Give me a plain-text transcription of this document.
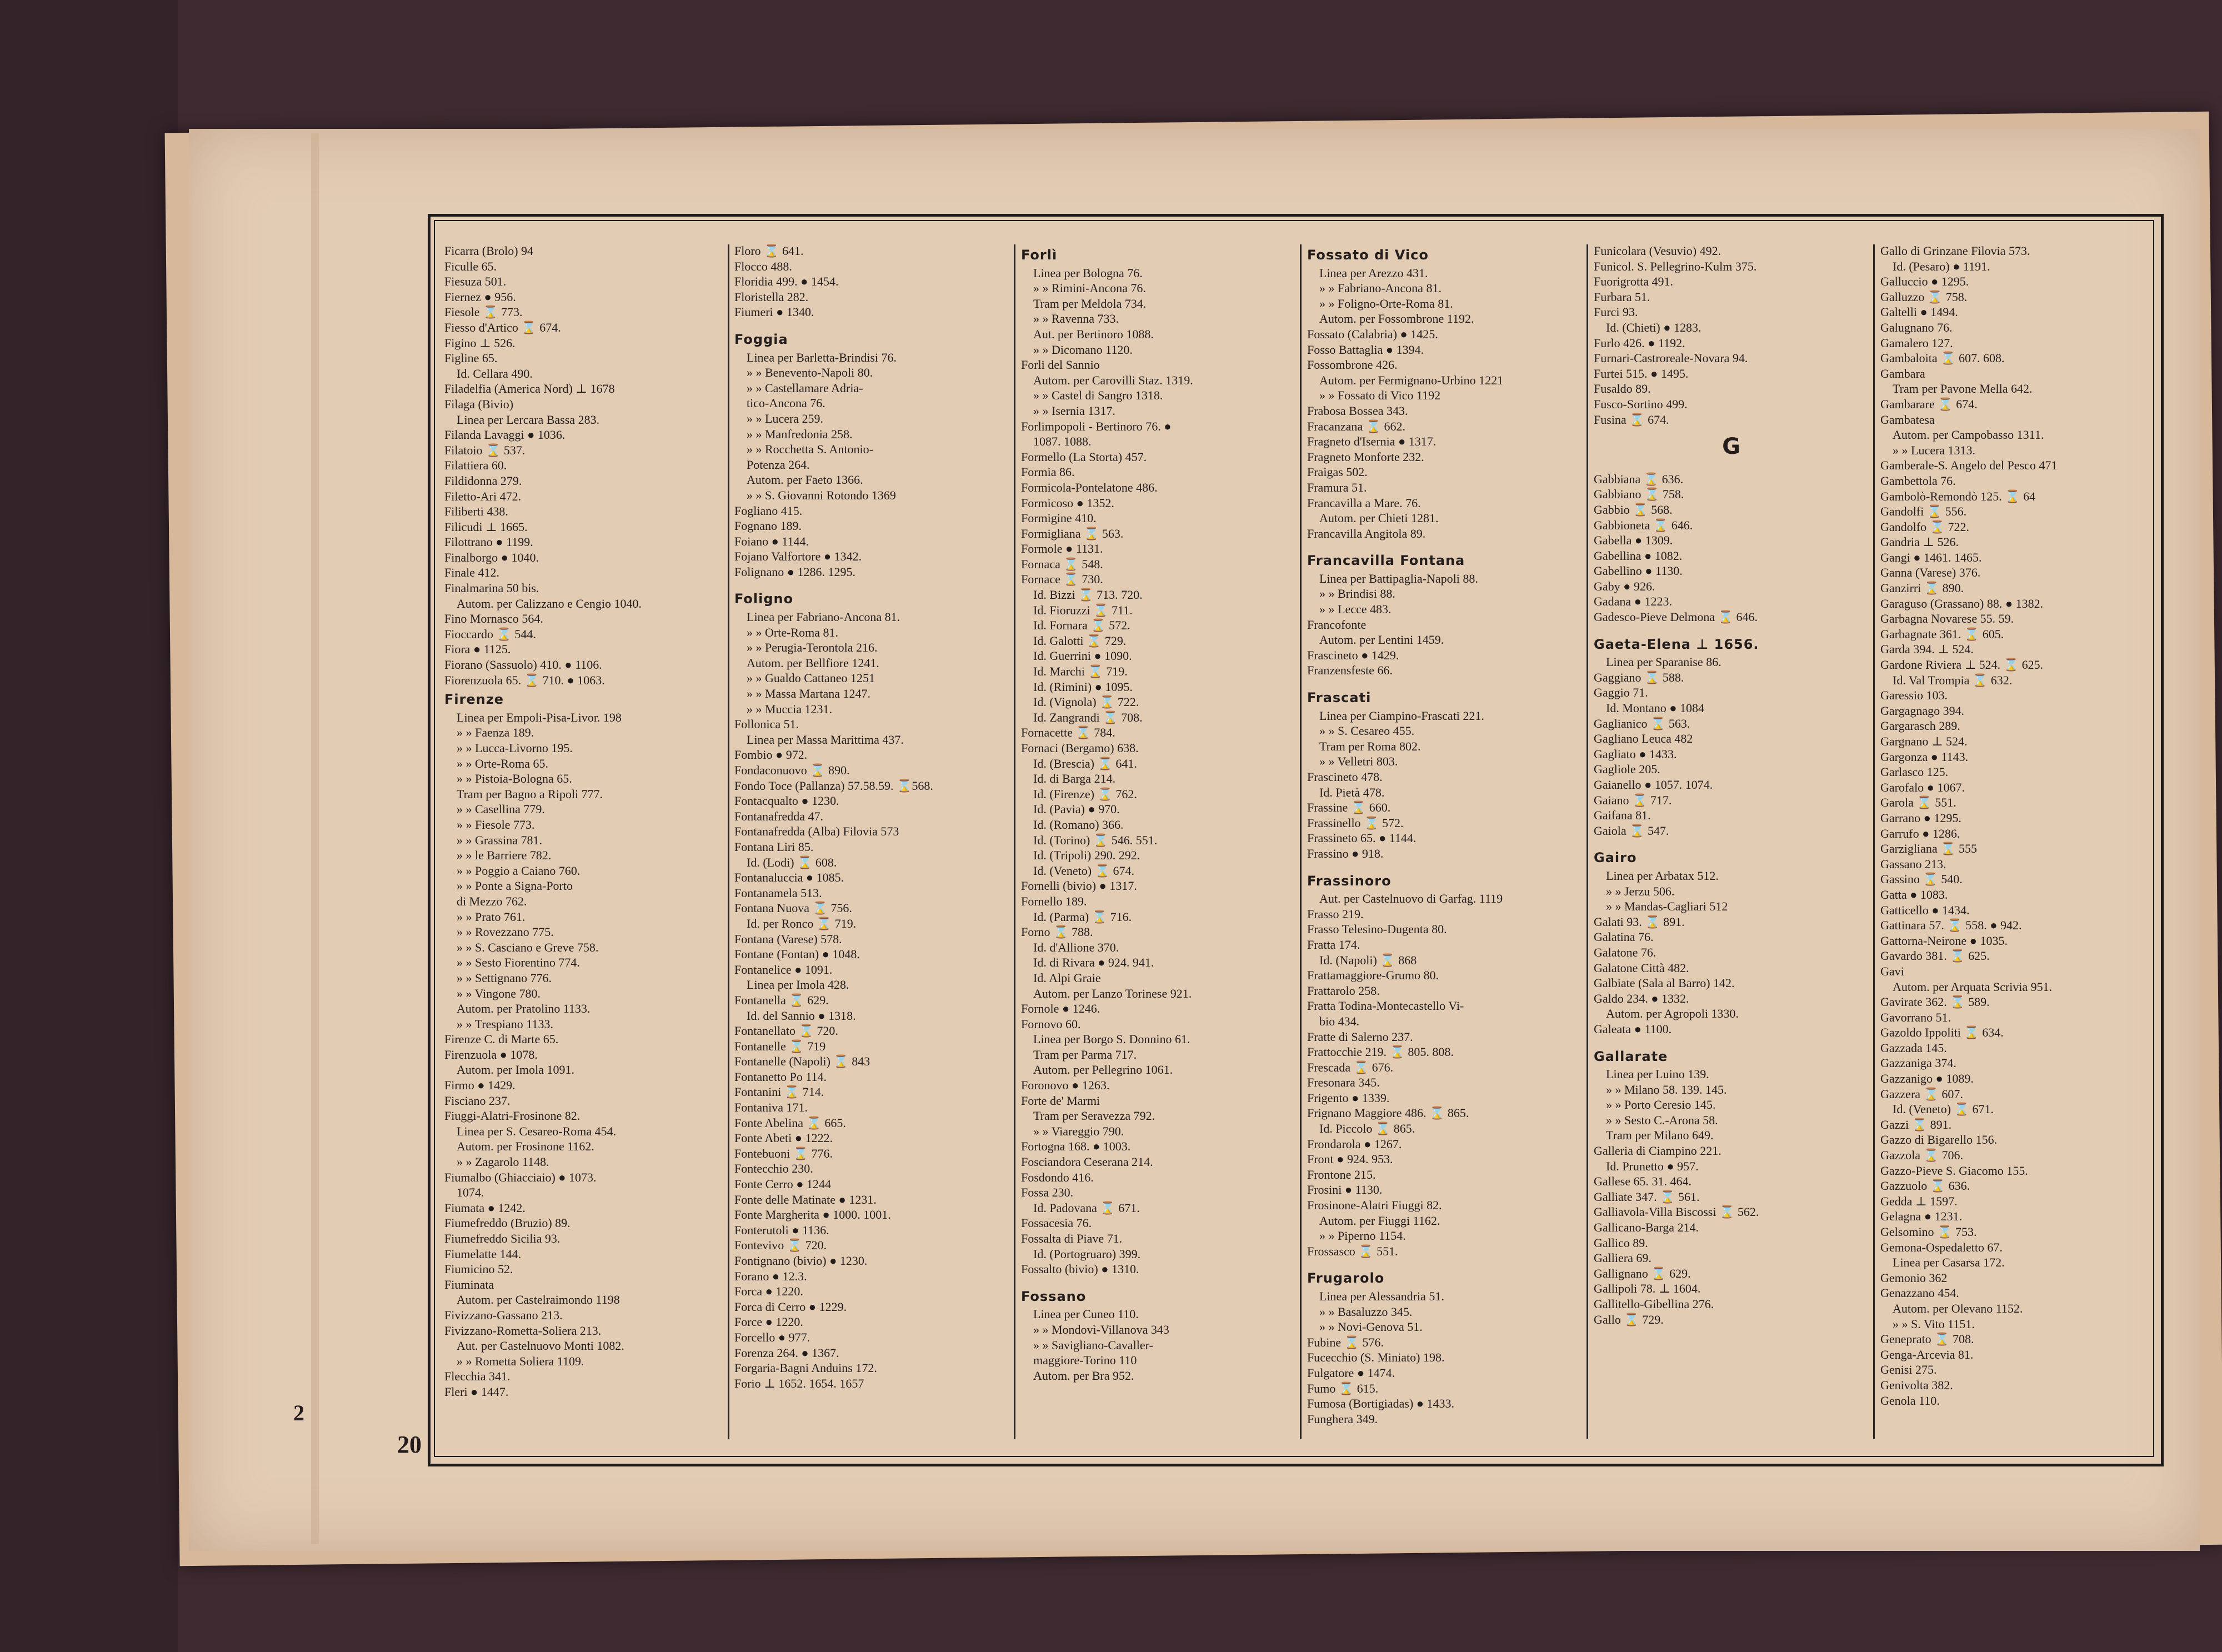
Ficarra (Brolo) 94
Ficulle 65.
Fiesuza 501.
Fiernez ● 956.
Fiesole ⌛ 773.
Fiesso d'Artico ⌛ 674.
Figino ⊥ 526.
Figline 65.
Id. Cellara 490.
Filadelfia (America Nord) ⊥ 1678
Filaga (Bivio)
Linea per Lercara Bassa 283.
Filanda Lavaggi ● 1036.
Filatoio ⌛ 537.
Filattiera 60.
Fildidonna 279.
Filetto-Ari 472.
Filiberti 438.
Filicudi ⊥ 1665.
Filottrano ● 1199.
Finalborgo ● 1040.
Finale 412.
Finalmarina 50 bis.
Autom. per Calizzano e Cengio 1040.
Fino Mornasco 564.
Fioccardo ⌛ 544.
Fiora ● 1125.
Fiorano (Sassuolo) 410. ● 1106.
Fiorenzuola 65. ⌛ 710. ● 1063.
Firenze
Linea per Empoli-Pisa-Livor. 198
» » Faenza 189.
» » Lucca-Livorno 195.
» » Orte-Roma 65.
» » Pistoia-Bologna 65.
Tram per Bagno a Ripoli 777.
» » Casellina 779.
» » Fiesole 773.
» » Grassina 781.
» » le Barriere 782.
» » Poggio a Caiano 760.
» » Ponte a Signa-Porto
di Mezzo 762.
» » Prato 761.
» » Rovezzano 775.
» » S. Casciano e Greve 758.
» » Sesto Fiorentino 774.
» » Settignano 776.
» » Vingone 780.
Autom. per Pratolino 1133.
» » Trespiano 1133.
Firenze C. di Marte 65.
Firenzuola ● 1078.
Autom. per Imola 1091.
Firmo ● 1429.
Fisciano 237.
Fiuggi-Alatri-Frosinone 82.
Linea per S. Cesareo-Roma 454.
Autom. per Frosinone 1162.
» » Zagarolo 1148.
Fiumalbo (Ghiacciaio) ● 1073.
1074.
Fiumata ● 1242.
Fiumefreddo (Bruzio) 89.
Fiumefreddo Sicilia 93.
Fiumelatte 144.
Fiumicino 52.
Fiuminata
Autom. per Castelraimondo 1198
Fivizzano-Gassano 213.
Fivizzano-Rometta-Soliera 213.
Aut. per Castelnuovo Monti 1082.
» » Rometta Soliera 1109.
Flecchia 341.
Fleri ● 1447.
Floro ⌛ 641.
Flocco 488.
Floridia 499. ● 1454.
Floristella 282.
Fiumeri ● 1340.
Foggia
Linea per Barletta-Brindisi 76.
» » Benevento-Napoli 80.
» » Castellamare Adria-
tico-Ancona 76.
» » Lucera 259.
» » Manfredonia 258.
» » Rocchetta S. Antonio-
Potenza 264.
Autom. per Faeto 1366.
» » S. Giovanni Rotondo 1369
Fogliano 415.
Fognano 189.
Foiano ● 1144.
Fojano Valfortore ● 1342.
Folignano ● 1286. 1295.
Foligno
Linea per Fabriano-Ancona 81.
» » Orte-Roma 81.
» » Perugia-Terontola 216.
Autom. per Bellfiore 1241.
» » Gualdo Cattaneo 1251
» » Massa Martana 1247.
» » Muccia 1231.
Follonica 51.
Linea per Massa Marittima 437.
Fombio ● 972.
Fondaconuovo ⌛ 890.
Fondo Toce (Pallanza) 57.58.59. ⌛568.
Fontacqualto ● 1230.
Fontanafredda 47.
Fontanafredda (Alba) Filovia 573
Fontana Liri 85.
Id. (Lodi) ⌛ 608.
Fontanaluccia ● 1085.
Fontanamela 513.
Fontana Nuova ⌛ 756.
Id. per Ronco ⌛ 719.
Fontana (Varese) 578.
Fontane (Fontan) ● 1048.
Fontanelice ● 1091.
Linea per Imola 428.
Fontanella ⌛ 629.
Id. del Sannio ● 1318.
Fontanellato ⌛ 720.
Fontanelle ⌛ 719
Fontanelle (Napoli) ⌛ 843
Fontanetto Po 114.
Fontanini ⌛ 714.
Fontaniva 171.
Fonte Abelina ⌛ 665.
Fonte Abeti ● 1222.
Fontebuoni ⌛ 776.
Fontecchio 230.
Fonte Cerro ● 1244
Fonte delle Matinate ● 1231.
Fonte Margherita ● 1000. 1001.
Fonterutoli ● 1136.
Fontevivo ⌛ 720.
Fontignano (bivio) ● 1230.
Forano ● 12.3.
Forca ● 1220.
Forca di Cerro ● 1229.
Force ● 1220.
Forcello ● 977.
Forenza 264. ● 1367.
Forgaria-Bagni Anduins 172.
Forio ⊥ 1652. 1654. 1657
Forlì
Linea per Bologna 76.
» » Rimini-Ancona 76.
Tram per Meldola 734.
» » Ravenna 733.
Aut. per Bertinoro 1088.
» » Dicomano 1120.
Forli del Sannio
Autom. per Carovilli Staz. 1319.
» » Castel di Sangro 1318.
» » Isernia 1317.
Forlimpopoli - Bertinoro 76. ●
1087. 1088.
Formello (La Storta) 457.
Formia 86.
Formicola-Pontelatone 486.
Formicoso ● 1352.
Formigine 410.
Formigliana ⌛ 563.
Formole ● 1131.
Fornaca ⌛ 548.
Fornace ⌛ 730.
Id. Bizzi ⌛ 713. 720.
Id. Fioruzzi ⌛ 711.
Id. Fornara ⌛ 572.
Id. Galotti ⌛ 729.
Id. Guerrini ● 1090.
Id. Marchi ⌛ 719.
Id. (Rimini) ● 1095.
Id. (Vignola) ⌛ 722.
Id. Zangrandi ⌛ 708.
Fornacette ⌛ 784.
Fornaci (Bergamo) 638.
Id. (Brescia) ⌛ 641.
Id. di Barga 214.
Id. (Firenze) ⌛ 762.
Id. (Pavia) ● 970.
Id. (Romano) 366.
Id. (Torino) ⌛ 546. 551.
Id. (Tripoli) 290. 292.
Id. (Veneto) ⌛ 674.
Fornelli (bivio) ● 1317.
Fornello 189.
Id. (Parma) ⌛ 716.
Forno ⌛ 788.
Id. d'Allione 370.
Id. di Rivara ● 924. 941.
Id. Alpi Graie
Autom. per Lanzo Torinese 921.
Fornole ● 1246.
Fornovo 60.
Linea per Borgo S. Donnino 61.
Tram per Parma 717.
Autom. per Pellegrino 1061.
Foronovo ● 1263.
Forte de' Marmi
Tram per Seravezza 792.
» » Viareggio 790.
Fortogna 168. ● 1003.
Fosciandora Ceserana 214.
Fosdondo 416.
Fossa 230.
Id. Padovana ⌛ 671.
Fossacesia 76.
Fossalta di Piave 71.
Id. (Portogruaro) 399.
Fossalto (bivio) ● 1310.
Fossano
Linea per Cuneo 110.
» » Mondovì-Villanova 343
» » Savigliano-Cavaller-
maggiore-Torino 110
Autom. per Bra 952.
Fossato di Vico
Linea per Arezzo 431.
» » Fabriano-Ancona 81.
» » Foligno-Orte-Roma 81.
Autom. per Fossombrone 1192.
Fossato (Calabria) ● 1425.
Fosso Battaglia ● 1394.
Fossombrone 426.
Autom. per Fermignano-Urbino 1221
» » Fossato di Vico 1192
Frabosa Bossea 343.
Fracanzana ⌛ 662.
Fragneto d'Isernia ● 1317.
Fragneto Monforte 232.
Fraigas 502.
Framura 51.
Francavilla a Mare. 76.
Autom. per Chieti 1281.
Francavilla Angitola 89.
Francavilla Fontana
Linea per Battipaglia-Napoli 88.
» » Brindisi 88.
» » Lecce 483.
Francofonte
Autom. per Lentini 1459.
Frascineto ● 1429.
Franzensfeste 66.
Frascati
Linea per Ciampino-Frascati 221.
» » S. Cesareo 455.
Tram per Roma 802.
» » Velletri 803.
Frascineto 478.
Id. Pietà 478.
Frassine ⌛ 660.
Frassinello ⌛ 572.
Frassineto 65. ● 1144.
Frassino ● 918.
Frassinoro
Aut. per Castelnuovo di Garfag. 1119
Frasso 219.
Frasso Telesino-Dugenta 80.
Fratta 174.
Id. (Napoli) ⌛ 868
Frattamaggiore-Grumo 80.
Frattarolo 258.
Fratta Todina-Montecastello Vi-
bio 434.
Fratte di Salerno 237.
Frattocchie 219. ⌛ 805. 808.
Frescada ⌛ 676.
Fresonara 345.
Frigento ● 1339.
Frignano Maggiore 486. ⌛ 865.
Id. Piccolo ⌛ 865.
Frondarola ● 1267.
Front ● 924. 953.
Frontone 215.
Frosini ● 1130.
Frosinone-Alatri Fiuggi 82.
Autom. per Fiuggi 1162.
» » Piperno 1154.
Frossasco ⌛ 551.
Frugarolo
Linea per Alessandria 51.
» » Basaluzzo 345.
» » Novi-Genova 51.
Fubine ⌛ 576.
Fucecchio (S. Miniato) 198.
Fulgatore ● 1474.
Fumo ⌛ 615.
Fumosa (Bortigiadas) ● 1433.
Funghera 349.
Funicolara (Vesuvio) 492.
Funicol. S. Pellegrino-Kulm 375.
Fuorigrotta 491.
Furbara 51.
Furci 93.
Id. (Chieti) ● 1283.
Furlo 426. ● 1192.
Furnari-Castroreale-Novara 94.
Furtei 515. ● 1495.
Fusaldo 89.
Fusco-Sortino 499.
Fusina ⌛ 674.
G
Gabbiana ⌛ 636.
Gabbiano ⌛ 758.
Gabbio ⌛ 568.
Gabbioneta ⌛ 646.
Gabella ● 1309.
Gabellina ● 1082.
Gabellino ● 1130.
Gaby ● 926.
Gadana ● 1223.
Gadesco-Pieve Delmona ⌛ 646.
Gaeta-Elena ⊥ 1656.
Linea per Sparanise 86.
Gaggiano ⌛ 588.
Gaggio 71.
Id. Montano ● 1084
Gaglianico ⌛ 563.
Gagliano Leuca 482
Gagliato ● 1433.
Gagliole 205.
Gaianello ● 1057. 1074.
Gaiano ⌛ 717.
Gaifana 81.
Gaiola ⌛ 547.
Gairo
Linea per Arbatax 512.
» » Jerzu 506.
» » Mandas-Cagliari 512
Galati 93. ⌛ 891.
Galatina 76.
Galatone 76.
Galatone Città 482.
Galbiate (Sala al Barro) 142.
Galdo 234. ● 1332.
Autom. per Agropoli 1330.
Galeata ● 1100.
Gallarate
Linea per Luino 139.
» » Milano 58. 139. 145.
» » Porto Ceresio 145.
» » Sesto C.-Arona 58.
Tram per Milano 649.
Galleria di Ciampino 221.
Id. Prunetto ● 957.
Gallese 65. 31. 464.
Galliate 347. ⌛ 561.
Galliavola-Villa Biscossi ⌛ 562.
Gallicano-Barga 214.
Gallico 89.
Galliera 69.
Gallignano ⌛ 629.
Gallipoli 78. ⊥ 1604.
Gallitello-Gibellina 276.
Gallo ⌛ 729.
Gallo di Grinzane Filovia 573.
Id. (Pesaro) ● 1191.
Galluccio ● 1295.
Galluzzo ⌛ 758.
Galtelli ● 1494.
Galugnano 76.
Gamalero 127.
Gambaloita ⌛ 607. 608.
Gambara
Tram per Pavone Mella 642.
Gambarare ⌛ 674.
Gambatesa
Autom. per Campobasso 1311.
» » Lucera 1313.
Gamberale-S. Angelo del Pesco 471
Gambettola 76.
Gambolò-Remondò 125. ⌛ 64
Gandolfi ⌛ 556.
Gandolfo ⌛ 722.
Gandria ⊥ 526.
Gangi ● 1461. 1465.
Ganna (Varese) 376.
Ganzirri ⌛ 890.
Garaguso (Grassano) 88. ● 1382.
Garbagna Novarese 55. 59.
Garbagnate 361. ⌛ 605.
Garda 394. ⊥ 524.
Gardone Riviera ⊥ 524. ⌛ 625.
Id. Val Trompia ⌛ 632.
Garessio 103.
Gargagnago 394.
Gargarasch 289.
Gargnano ⊥ 524.
Gargonza ● 1143.
Garlasco 125.
Garofalo ● 1067.
Garola ⌛ 551.
Garrano ● 1295.
Garrufo ● 1286.
Garzigliana ⌛ 555
Gassano 213.
Gassino ⌛ 540.
Gatta ● 1083.
Gatticello ● 1434.
Gattinara 57. ⌛ 558. ● 942.
Gattorna-Neirone ● 1035.
Gavardo 381. ⌛ 625.
Gavi
Autom. per Arquata Scrivia 951.
Gavirate 362. ⌛ 589.
Gavorrano 51.
Gazoldo Ippoliti ⌛ 634.
Gazzada 145.
Gazzaniga 374.
Gazzanigo ● 1089.
Gazzera ⌛ 607.
Id. (Veneto) ⌛ 671.
Gazzi ⌛ 891.
Gazzo di Bigarello 156.
Gazzola ⌛ 706.
Gazzo-Pieve S. Giacomo 155.
Gazzuolo ⌛ 636.
Gedda ⊥ 1597.
Gelagna ● 1231.
Gelsomino ⌛ 753.
Gemona-Ospedaletto 67.
Linea per Casarsa 172.
Gemonio 362
Genazzano 454.
Autom. per Olevano 1152.
» » S. Vito 1151.
Geneprato ⌛ 708.
Genga-Arcevia 81.
Genisi 275.
Genivolta 382.
Genola 110.
20
2
